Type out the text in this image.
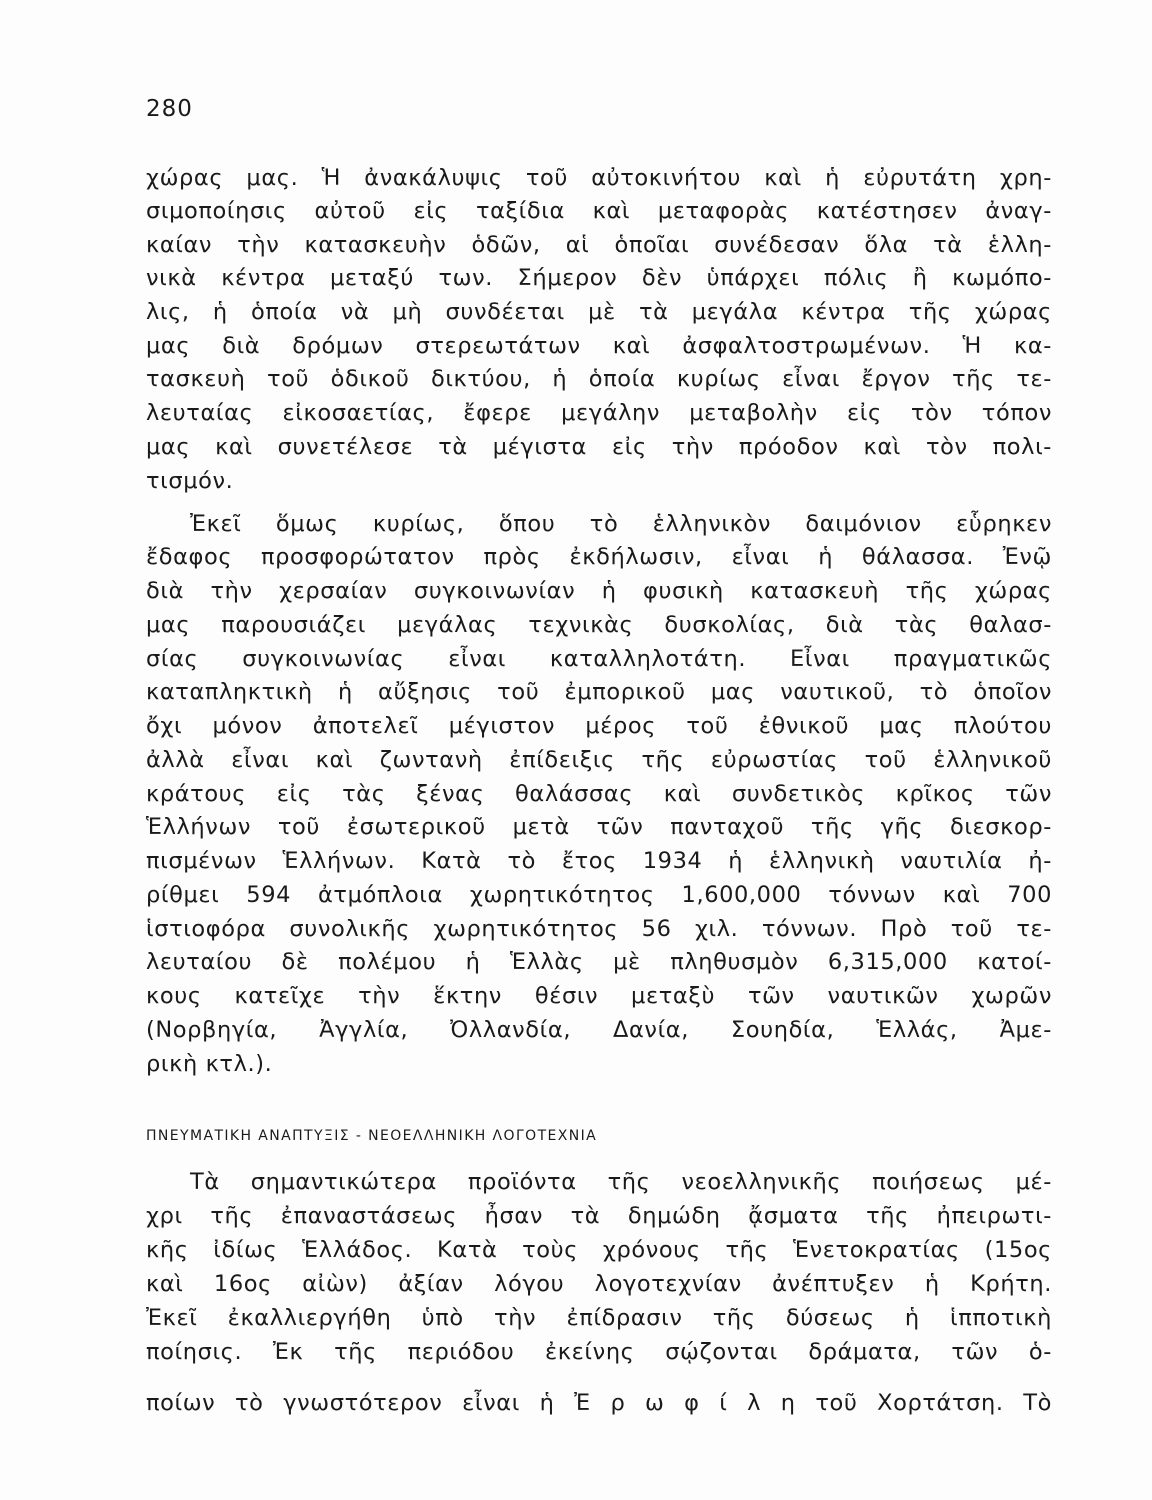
280
χώρας μας. Ἡ ἀνακάλυψις τοῦ αὐτοκινήτου καὶ ἡ εὐρυτάτη χρη-
σιμοποίησις αὐτοῦ εἰς ταξίδια καὶ μεταφορὰς κατέστησεν ἀναγ-
καίαν τὴν κατασκευὴν ὁδῶν, αἱ ὁποῖαι συνέδεσαν ὅλα τὰ ἑλλη-
νικὰ κέντρα μεταξύ των. Σήμερον δὲν ὑπάρχει πόλις ἢ κωμόπο-
λις, ἡ ὁποία νὰ μὴ συνδέεται μὲ τὰ μεγάλα κέντρα τῆς χώρας
μας διὰ δρόμων στερεωτάτων καὶ ἀσφαλτοστρωμένων. Ἡ κα-
τασκευὴ τοῦ ὁδικοῦ δικτύου, ἡ ὁποία κυρίως εἶναι ἔργον τῆς τε-
λευταίας εἰκοσαετίας, ἔφερε μεγάλην μεταβολὴν εἰς τὸν τόπον
μας καὶ συνετέλεσε τὰ μέγιστα εἰς τὴν πρόοδον καὶ τὸν πολι-
τισμόν.
Ἐκεῖ ὅμως κυρίως, ὅπου τὸ ἑλληνικὸν δαιμόνιον εὗρηκεν
ἔδαφος προσφορώτατον πρὸς ἐκδήλωσιν, εἶναι ἡ θάλασσα. Ἐνῷ
διὰ τὴν χερσαίαν συγκοινωνίαν ἡ φυσικὴ κατασκευὴ τῆς χώρας
μας παρουσιάζει μεγάλας τεχνικὰς δυσκολίας, διὰ τὰς θαλασ-
σίας συγκοινωνίας εἶναι καταλληλοτάτη. Εἶναι πραγματικῶς
καταπληκτικὴ ἡ αὔξησις τοῦ ἐμπορικοῦ μας ναυτικοῦ, τὸ ὁποῖον
ὄχι μόνον ἀποτελεῖ μέγιστον μέρος τοῦ ἐθνικοῦ μας πλούτου
ἀλλὰ εἶναι καὶ ζωντανὴ ἐπίδειξις τῆς εὐρωστίας τοῦ ἑλληνικοῦ
κράτους εἰς τὰς ξένας θαλάσσας καὶ συνδετικὸς κρῖκος τῶν
Ἑλλήνων τοῦ ἐσωτερικοῦ μετὰ τῶν πανταχοῦ τῆς γῆς διεσκορ-
πισμένων Ἑλλήνων. Κατὰ τὸ ἔτος 1934 ἡ ἑλληνικὴ ναυτιλία ἠ-
ρίθμει 594 ἀτμόπλοια χωρητικότητος 1,600,000 τόννων καὶ 700
ἱστιοφόρα συνολικῆς χωρητικότητος 56 χιλ. τόννων. Πρὸ τοῦ τε-
λευταίου δὲ πολέμου ἡ Ἑλλὰς μὲ πληθυσμὸν 6,315,000 κατοί-
κους κατεῖχε τὴν ἕκτην θέσιν μεταξὺ τῶν ναυτικῶν χωρῶν
(Νορβηγία, Ἀγγλία, Ὀλλανδία, Δανία, Σουηδία, Ἑλλάς, Ἀμε-
ρικὴ κτλ.).
ΠΝΕΥΜΑΤΙΚΗ ΑΝΑΠΤΥΞΙΣ - ΝΕΟΕΛΛΗΝΙΚΗ ΛΟΓΟΤΕΧΝΙΑ
Τὰ σημαντικώτερα προϊόντα τῆς νεοελληνικῆς ποιήσεως μέ-
χρι τῆς ἐπαναστάσεως ἦσαν τὰ δημώδη ᾄσματα τῆς ἠπειρωτι-
κῆς ἰδίως Ἑλλάδος. Κατὰ τοὺς χρόνους τῆς Ἑνετοκρατίας (15ος
καὶ 16ος αἰὼν) ἀξίαν λόγου λογοτεχνίαν ἀνέπτυξεν ἡ Κρήτη.
Ἐκεῖ ἐκαλλιεργήθη ὑπὸ τὴν ἐπίδρασιν τῆς δύσεως ἡ ἱπποτικὴ
ποίησις. Ἐκ τῆς περιόδου ἐκείνης σῴζονται δράματα, τῶν ὁ-
ποίων τὸ γνωστότερον εἶναι ἡ Ἐ ρ ω φ ί λ η τοῦ Χορτάτση. Τὸ
